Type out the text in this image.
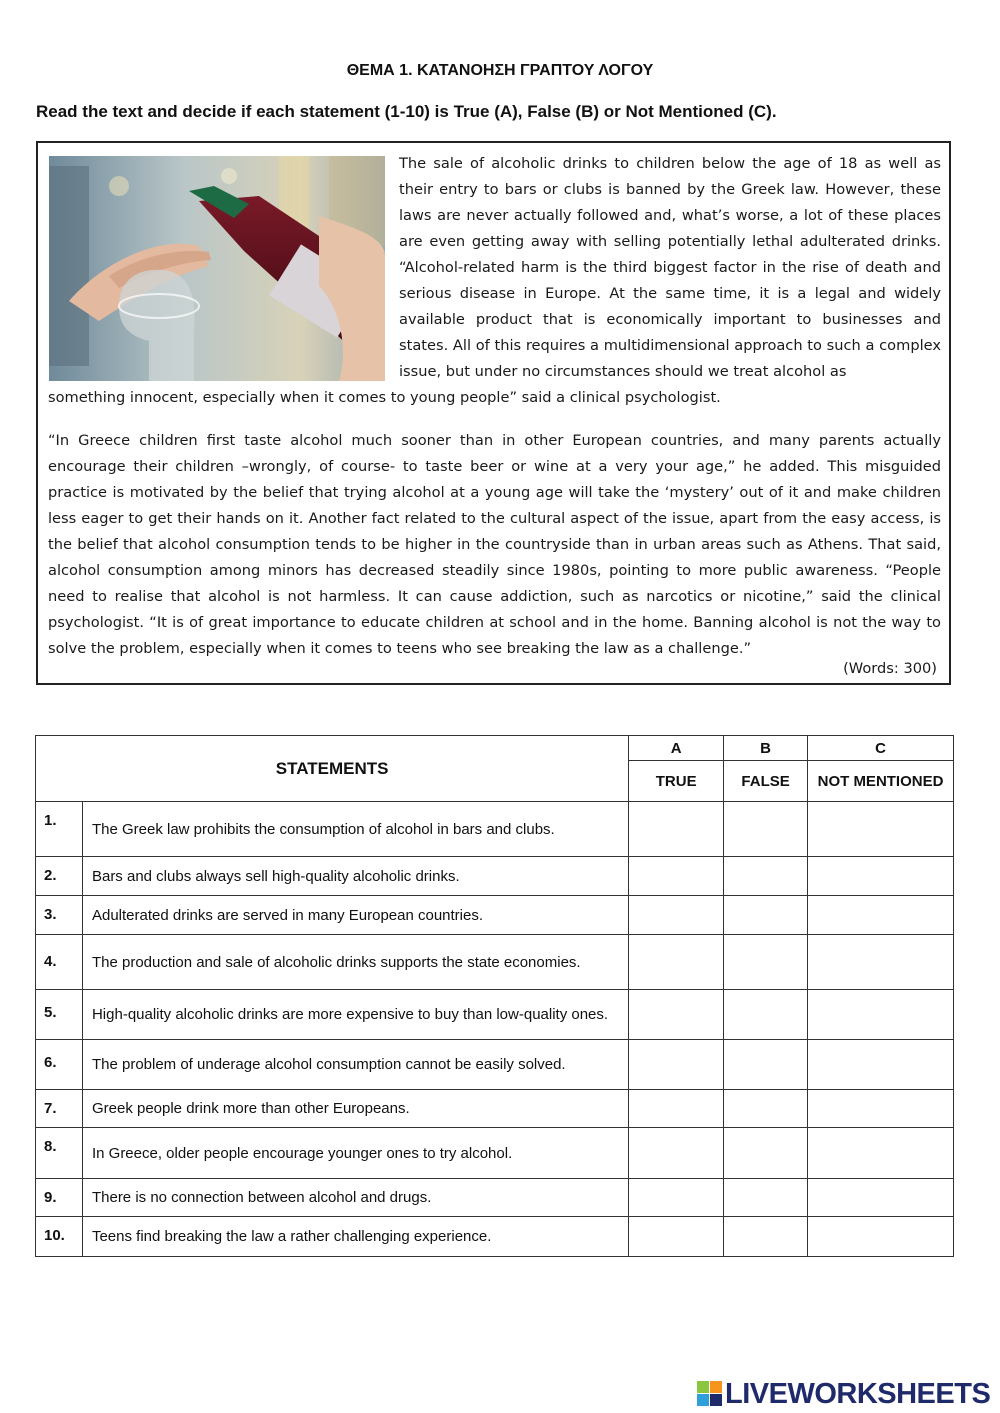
ΘΕΜΑ 1. ΚΑΤΑΝΟΗΣΗ ΓΡΑΠΤΟΥ ΛΟΓΟΥ
Read the text and decide if each statement (1-10) is True (A), False (B) or Not Mentioned (C).
The sale of alcoholic drinks to children below the age of 18 as well as their entry to bars or clubs is banned by the Greek law. However, these laws are never actually followed and, what’s worse, a lot of these places are even getting away with selling potentially lethal adulterated drinks. “Alcohol-related harm is the third biggest factor in the rise of death and serious disease in Europe. At the same time, it is a legal and widely available product that is economically important to businesses and states. All of this requires a multidimensional approach to such a complex issue, but under no circumstances should we treat alcohol as
something innocent, especially when it comes to young people” said a clinical psychologist.
“In Greece children first taste alcohol much sooner than in other European countries, and many parents actually encourage their children –wrongly, of course- to taste beer or wine at a very your age,” he added. This misguided practice is motivated by the belief that trying alcohol at a young age will take the ‘mystery’ out of it and make children less eager to get their hands on it. Another fact related to the cultural aspect of the issue, apart from the easy access, is the belief that alcohol consumption tends to be higher in the countryside than in urban areas such as Athens. That said, alcohol consumption among minors has decreased steadily since 1980s, pointing to more public awareness. “People need to realise that alcohol is not harmless. It can cause addiction, such as narcotics or nicotine,” said the clinical psychologist. “It is of great importance to educate children at school and in the home. Banning alcohol is not the way to solve the problem, especially when it comes to teens who see breaking the law as a challenge.”
(Words: 300)
STATEMENTS		A	B	C
		TRUE	FALSE	NOT MENTIONED
1.	The Greek law prohibits the consumption of alcohol in bars and clubs.			
2.	Bars and clubs always sell high-quality alcoholic drinks.			
3.	Adulterated drinks are served in many European countries.			
4.	The production and sale of alcoholic drinks supports the state economies.			
5.	High-quality alcoholic drinks are more expensive to buy than low-quality ones.			
6.	The problem of underage alcohol consumption cannot be easily solved.			
7.	Greek people drink more than other Europeans.			
8.	In Greece, older people encourage younger ones to try alcohol.			
9.	There is no connection between alcohol and drugs.			
10.	Teens find breaking the law a rather challenging experience.			
LIVEWORKSHEETS
